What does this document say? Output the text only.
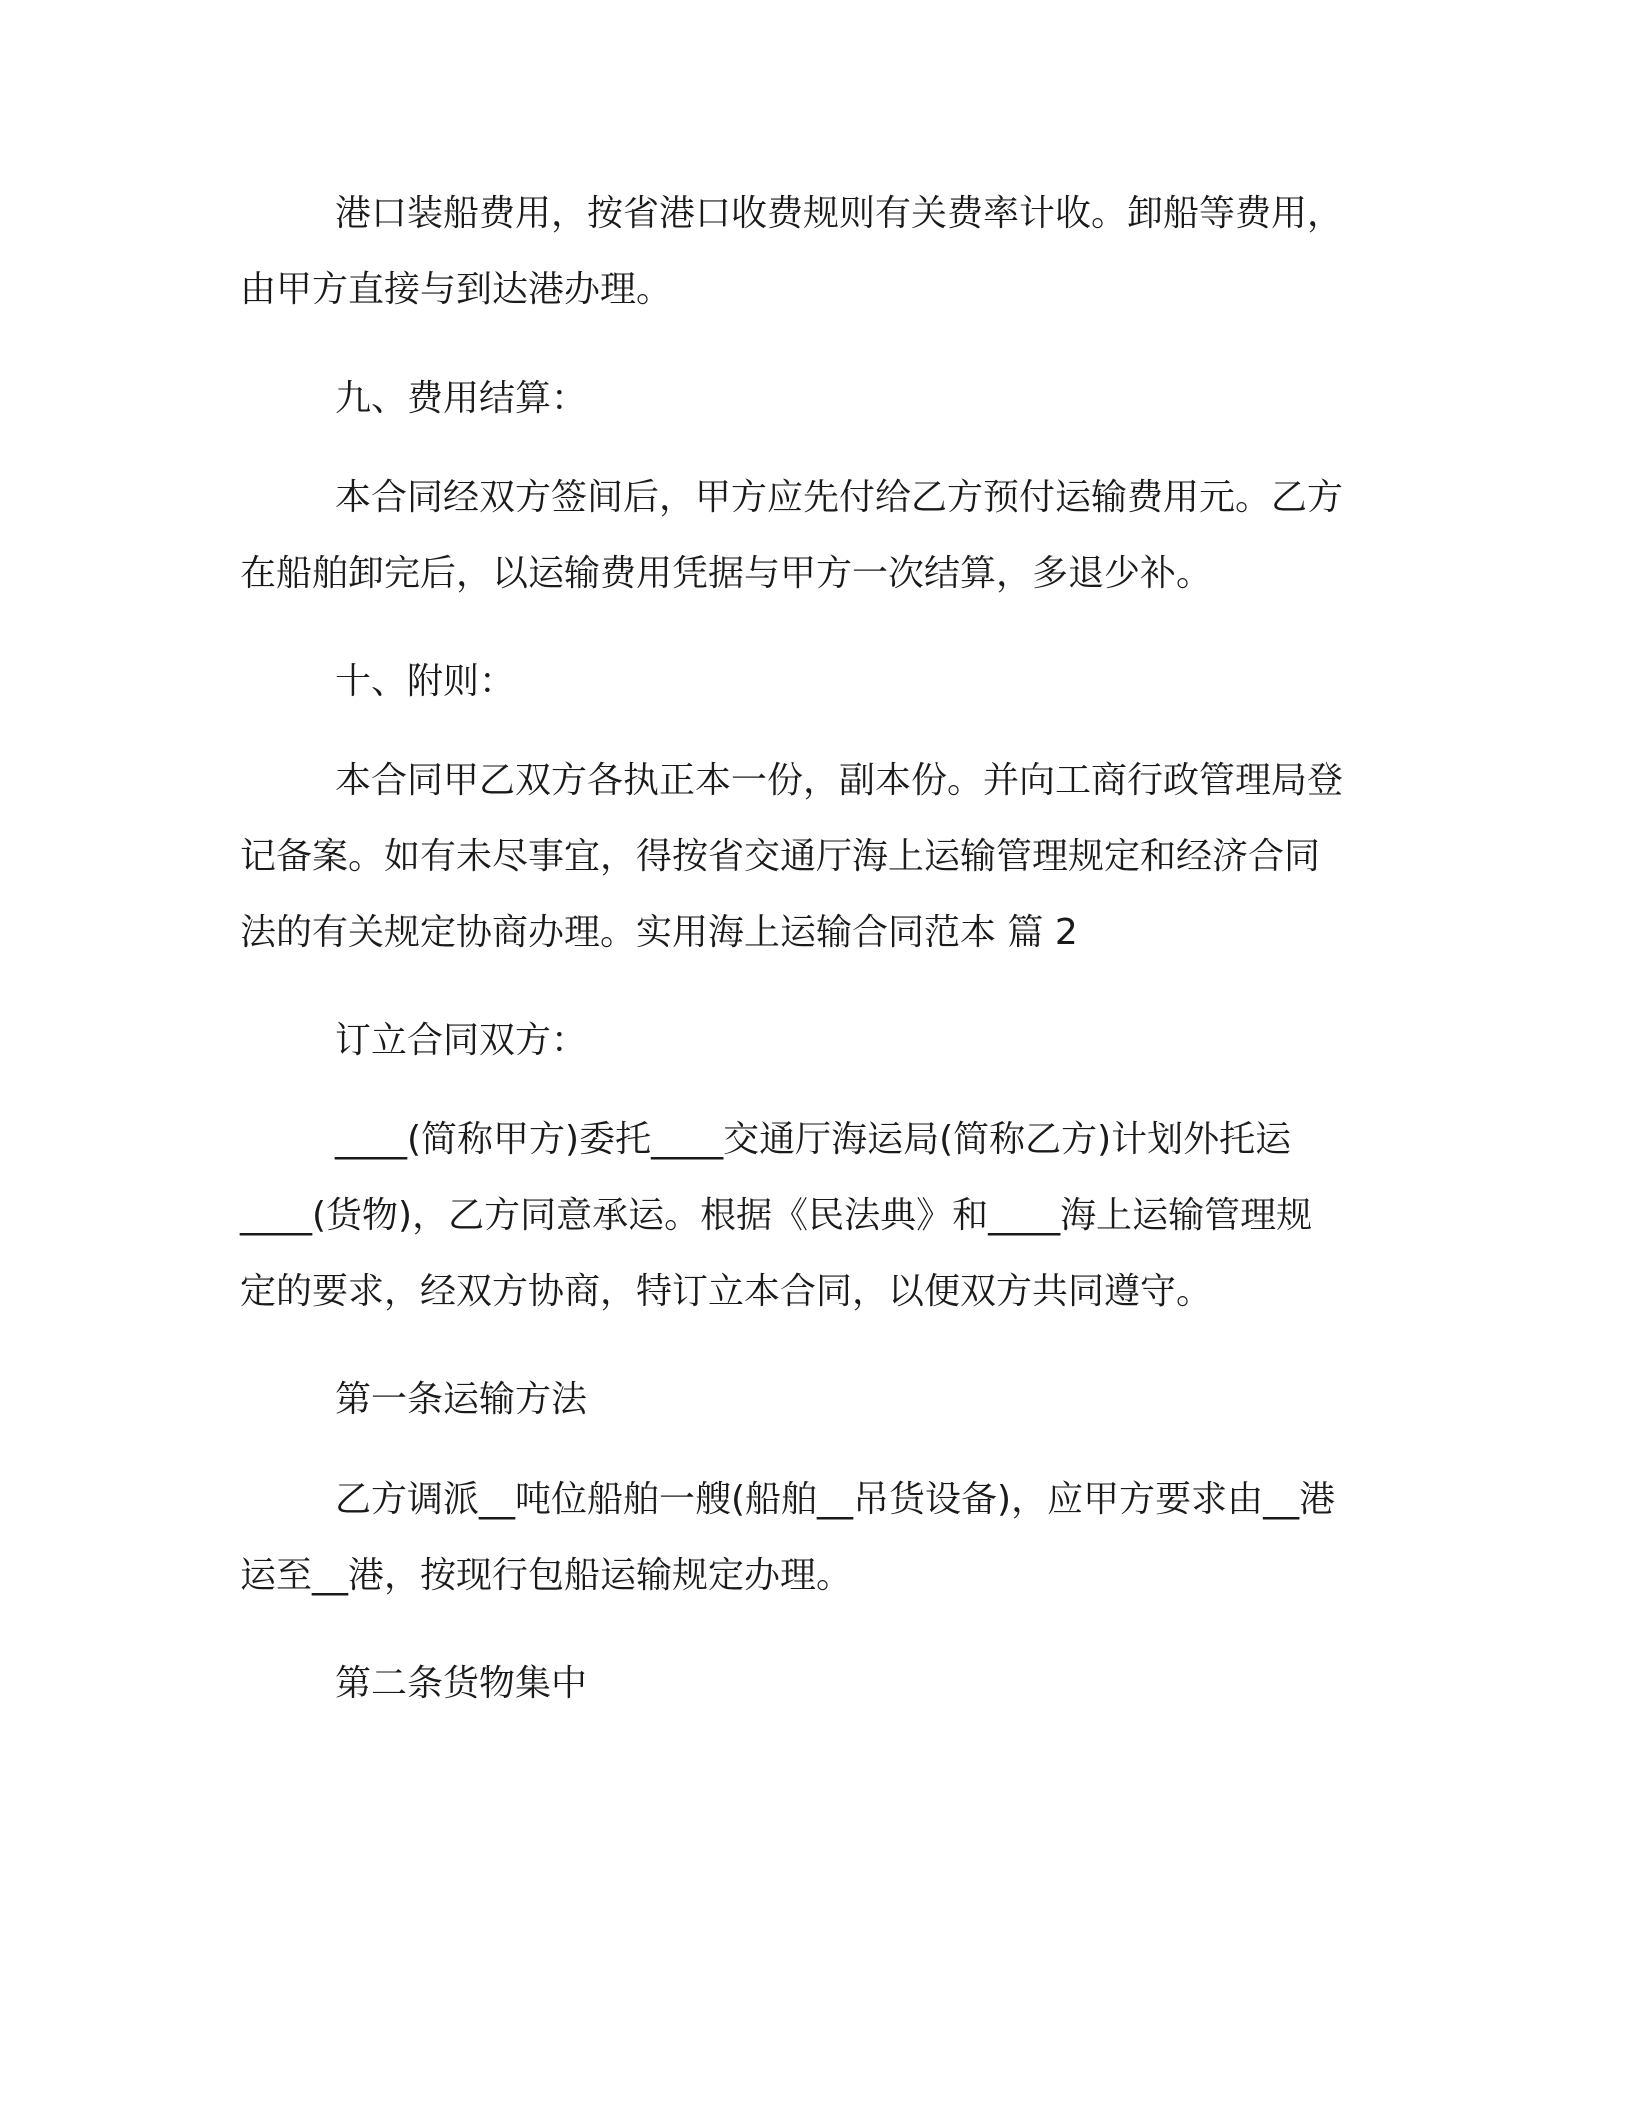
港口装船费用，按省港口收费规则有关费率计收。卸船等费用，
由甲方直接与到达港办理。
九、费用结算：
本合同经双方签间后，甲方应先付给乙方预付运输费用元。乙方
在船舶卸完后，以运输费用凭据与甲方一次结算，多退少补。
十、附则：
本合同甲乙双方各执正本一份，副本份。并向工商行政管理局登
记备案。如有未尽事宜，得按省交通厅海上运输管理规定和经济合同
法的有关规定协商办理。实用海上运输合同范本 篇 2
订立合同双方：
____(简称甲方)委托____交通厅海运局(简称乙方)计划外托运
____(货物)，乙方同意承运。根据《民法典》和____海上运输管理规
定的要求，经双方协商，特订立本合同，以便双方共同遵守。
第一条运输方法
乙方调派__吨位船舶一艘(船舶__吊货设备)，应甲方要求由__港
运至__港，按现行包船运输规定办理。
第二条货物集中
